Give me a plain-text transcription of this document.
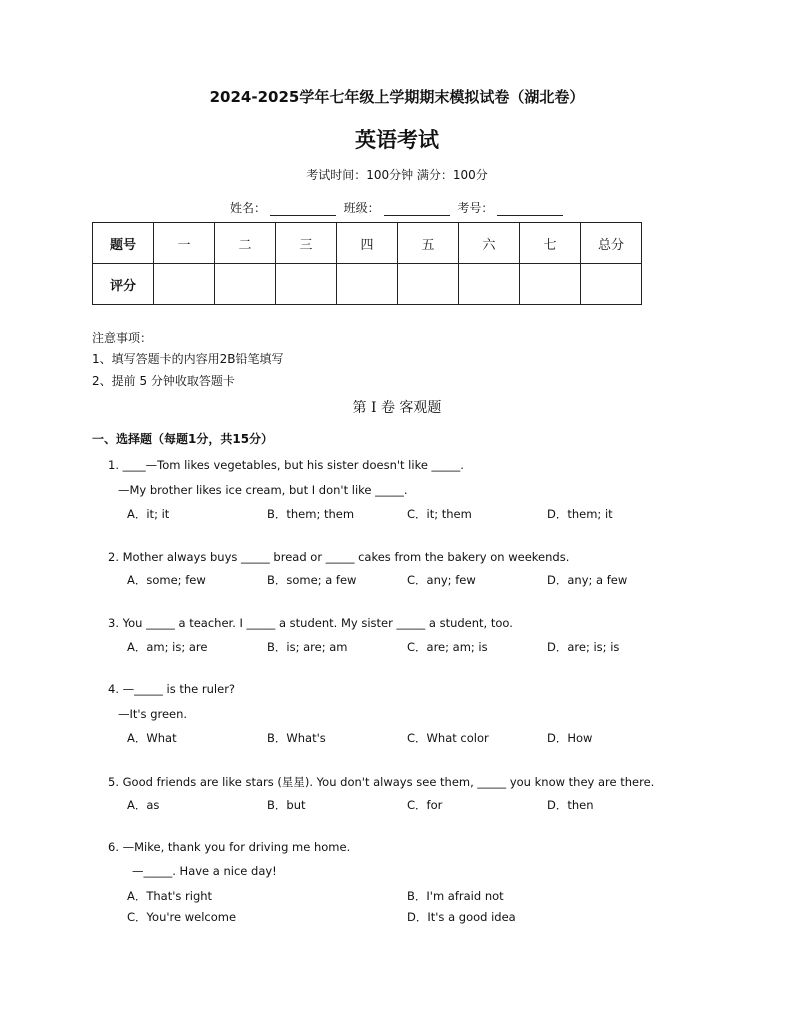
2024-2025学年七年级上学期期末模拟试卷（湖北卷）
英语考试
考试时间：100分钟 满分：100分
姓名：	班级：	考号：
题号	一	二	三	四	五	六	七	总分
评分								
注意事项：
1、填写答题卡的内容用2B铅笔填写
2、提前 5 分钟收取答题卡
第 I 卷 客观题
一、选择题（每题1分，共15分）
1. ____—Tom likes vegetables, but his sister doesn't like _____.
—My brother likes ice cream, but I don't like _____.
A．it; it	B．them; them	C．it; them	D．them; it
2. Mother always buys _____ bread or _____ cakes from the bakery on weekends.
A．some; few	B．some; a few	C．any; few	D．any; a few
3. You _____ a teacher. I _____ a student. My sister _____ a student, too.
A．am; is; are	B．is; are; am	C．are; am; is	D．are; is; is
4. —_____ is the ruler?
—It's green.
A．What	B．What's	C．What color	D．How
5. Good friends are like stars (星星). You don't always see them, _____ you know they are there.
A．as	B．but	C．for	D．then
6. —Mike, thank you for driving me home.
—_____. Have a nice day!
A．That's right	B．I'm afraid not
C．You're welcome	D．It's a good idea
